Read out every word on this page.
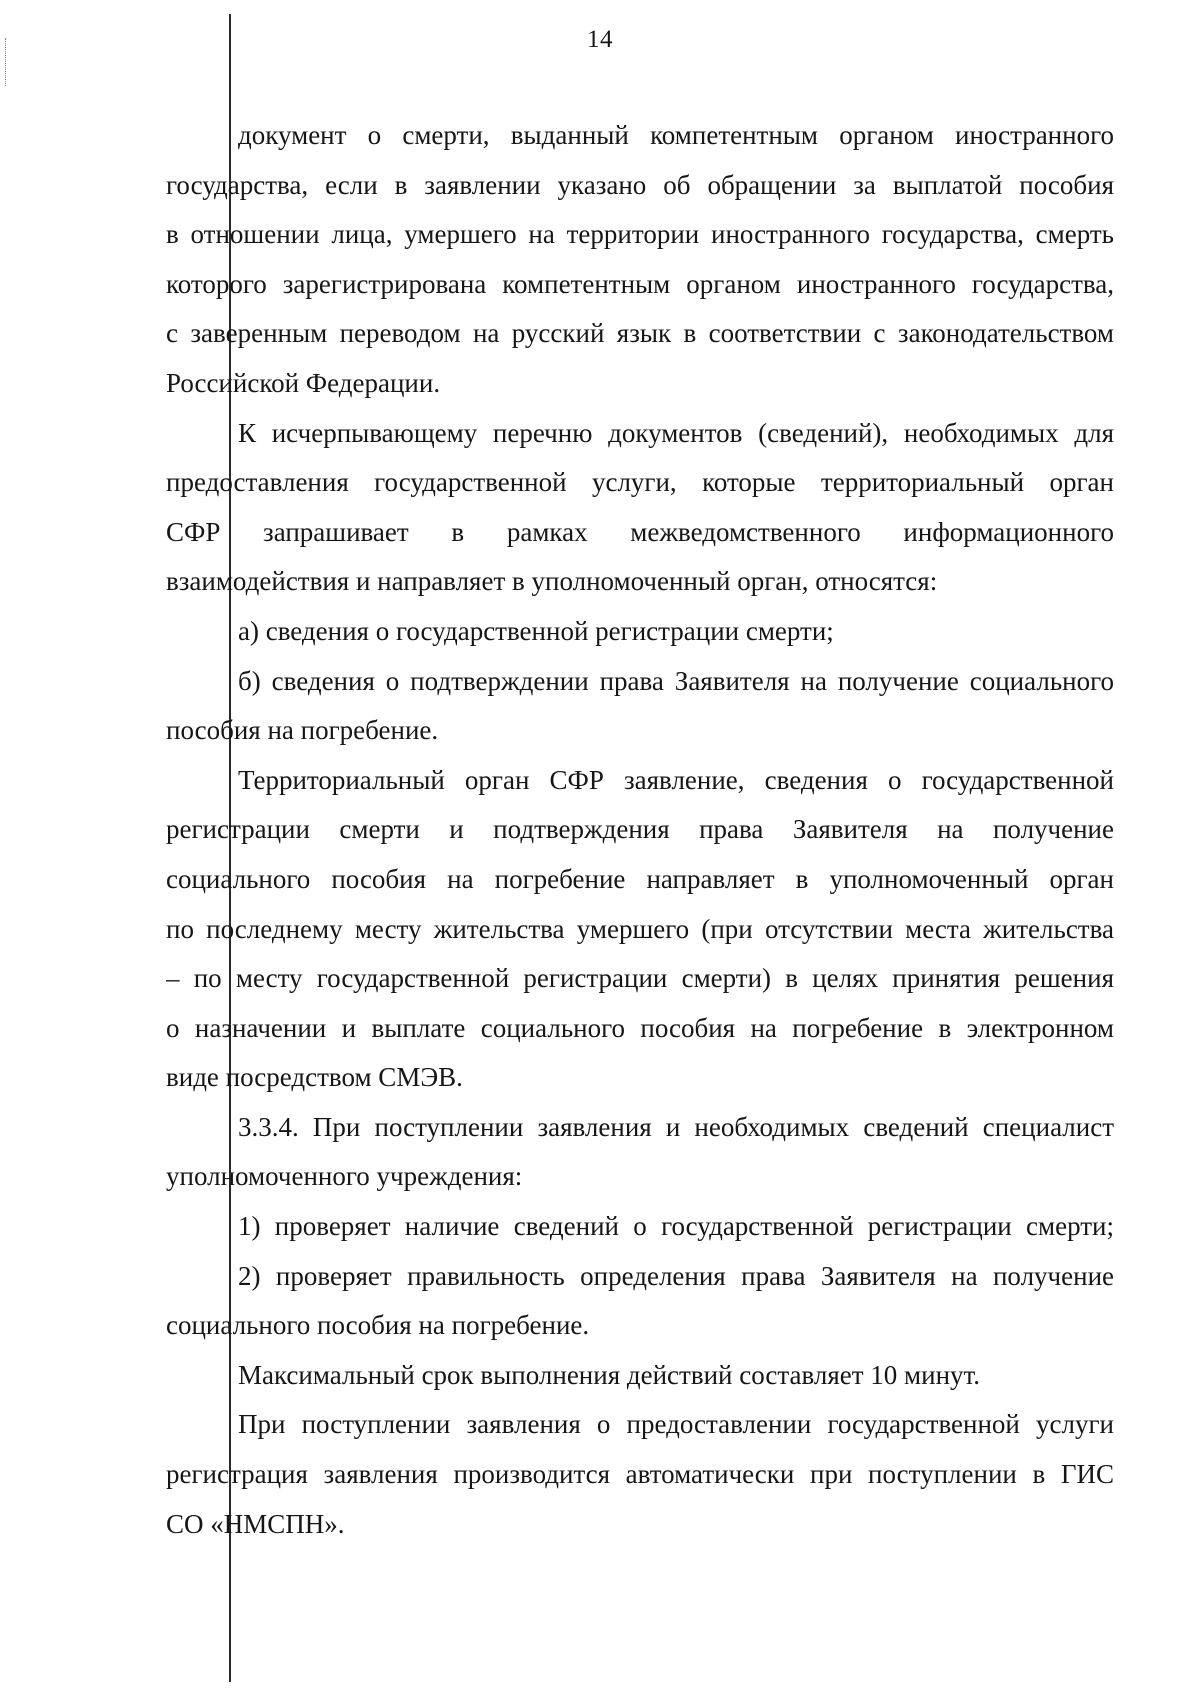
14
документ о смерти, выданный компетентным органом иностранного
государства, если в заявлении указано об обращении за выплатой пособия
в отношении лица, умершего на территории иностранного государства, смерть
которого зарегистрирована компетентным органом иностранного государства,
с заверенным переводом на русский язык в соответствии с законодательством
Российской Федерации.
К исчерпывающему перечню документов (сведений), необходимых для
предоставления государственной услуги, которые территориальный орган
СФР запрашивает в рамках межведомственного информационного
взаимодействия и направляет в уполномоченный орган, относятся:
а) сведения о государственной регистрации смерти;
б) сведения о подтверждении права Заявителя на получение социального
пособия на погребение.
Территориальный орган СФР заявление, сведения о государственной
регистрации смерти и подтверждения права Заявителя на получение
социального пособия на погребение направляет в уполномоченный орган
по последнему месту жительства умершего (при отсутствии места жительства
– по месту государственной регистрации смерти) в целях принятия решения
о назначении и выплате социального пособия на погребение в электронном
виде посредством СМЭВ.
3.3.4. При поступлении заявления и необходимых сведений специалист
уполномоченного учреждения:
1) проверяет наличие сведений о государственной регистрации смерти;
2) проверяет правильность определения права Заявителя на получение
социального пособия на погребение.
Максимальный срок выполнения действий составляет 10 минут.
При поступлении заявления о предоставлении государственной услуги
регистрация заявления производится автоматически при поступлении в ГИС
СО «НМСПН».
